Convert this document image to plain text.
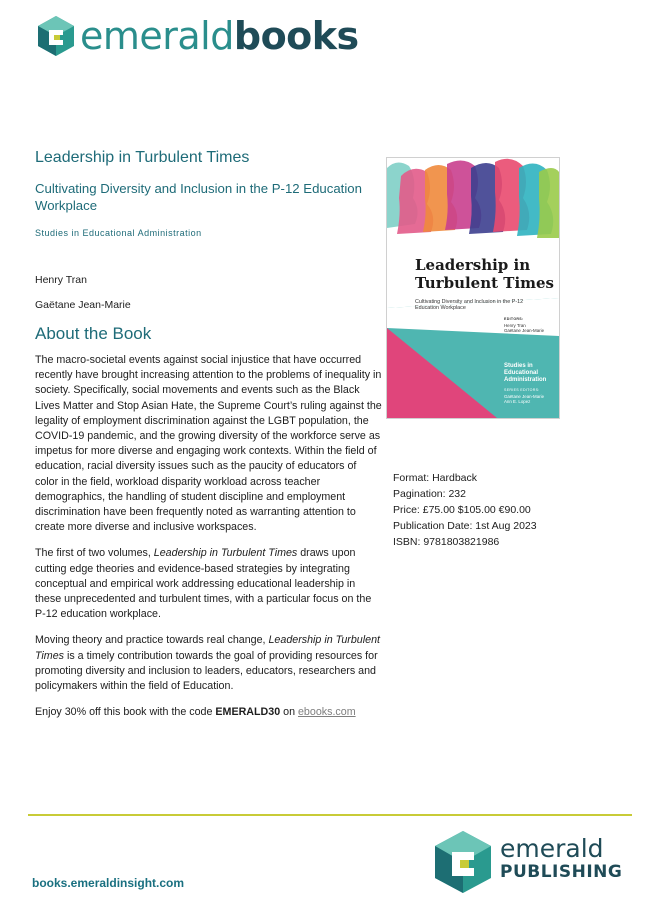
emeraldbooks
Leadership in Turbulent Times
Cultivating Diversity and Inclusion in the P-12 Education Workplace
Studies in Educational Administration
Henry Tran
Gaëtane Jean-Marie
About the Book

The macro-societal events against social injustice that have occurred recently have brought increasing attention to the problems of inequality in society. Specifically, social movements and events such as the Black Lives Matter and Stop Asian Hate, the Supreme Court’s ruling against the legality of employment discrimination against the LGBT population, the COVID-19 pandemic, and the growing diversity of the workforce serve as impetus for more diverse and engaging work contexts. Within the field of education, racial diversity issues such as the paucity of educators of color in the field, workload disparity workload across teacher demographics, the handling of student discipline and employment discrimination have been frequently noted as warranting attention to create more diverse and inclusive workspaces.

The first of two volumes, Leadership in Turbulent Times draws upon cutting edge theories and evidence-based strategies by integrating conceptual and empirical work addressing educational leadership in these unprecedented and turbulent times, with a particular focus on the P-12 education workplace.

Moving theory and practice towards real change, Leadership in Turbulent Times is a timely contribution towards the goal of providing resources for promoting diversity and inclusion to leaders, educators, researchers and policymakers within the field of Education.

Enjoy 30% off this book with the code EMERALD30 on ebooks.com

Leadership in Turbulent Times
Cultivating Diversity and Inclusion in the P-12 Education Workplace
EDITORS:
Henry Tran
Gaëtane Jean-Marie
Studies in Educational Administration
SERIES EDITORS:
Gaëtane Jean-Marie
Ann E. Lopez
Format: Hardback
Pagination: 232
Price: £75.00 $105.00 €90.00
Publication Date: 1st Aug 2023
ISBN: 9781803821986
books.emeraldinsight.com
emerald
PUBLISHING
